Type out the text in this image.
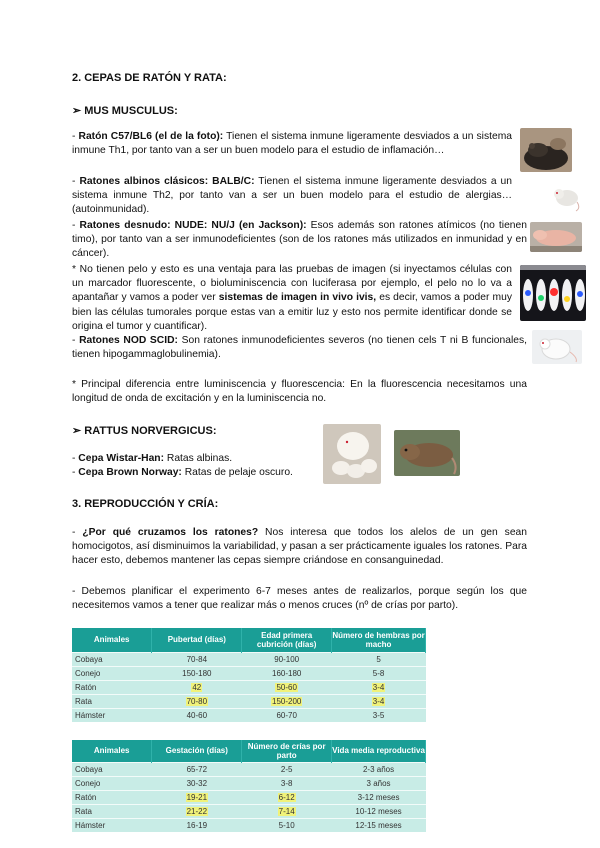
2. CEPAS DE RATÓN Y RATA:
➢ MUS MUSCULUS:
- Ratón C57/BL6 (el de la foto): Tienen el sistema inmune ligeramente desviados a un sistema inmune Th1, por tanto van a ser un buen modelo para el estudio de inflamación…
- Ratones albinos clásicos: BALB/C: Tienen el sistema inmune ligeramente desviados a un sistema inmune Th2, por tanto van a ser un buen modelo para el estudio de alergias… (autoinmunidad).
- Ratones desnudo: NUDE: NU/J (en Jackson): Esos además son ratones atímicos (no tienen timo), por tanto van a ser inmunodeficientes (son de los ratones más utilizados en inmunidad y en cáncer).
* No tienen pelo y esto es una ventaja para las pruebas de imagen (si inyectamos células con un marcador fluorescente, o bioluminiscencia con luciferasa por ejemplo, el pelo no lo va a apantañar y vamos a poder ver sistemas de imagen in vivo ivis, es decir, vamos a poder muy bien las células tumorales porque estas van a emitir luz y esto nos permite identificar donde se origina el tumor y cuantificar).
- Ratones NOD SCID: Son ratones inmunodeficientes severos (no tienen cels T ni B funcionales, tienen hipogammaglobulinemia).
* Principal diferencia entre luminiscencia y fluorescencia: En la fluorescencia necesitamos una longitud de onda de excitación y en la luminiscencia no.
➢ RATTUS NORVERGICUS:
- Cepa Wistar-Han: Ratas albinas.
- Cepa Brown Norway: Ratas de pelaje oscuro.
3. REPRODUCCIÓN Y CRÍA:
- ¿Por qué cruzamos los ratones? Nos interesa que todos los alelos de un gen sean homocigotos, así disminuimos la variabilidad, y pasan a ser prácticamente iguales los ratones. Para hacer esto, debemos mantener las cepas siempre criándose en consanguinedad.
- Debemos planificar el experimento 6-7 meses antes de realizarlos, porque según los que necesitemos vamos a tener que realizar más o menos cruces (nº de crías por parto).
Animales	Pubertad (días)	Edad primera cubrición (días)	Número de hembras por macho
Cobaya	70-84	90-100	5
Conejo	150-180	160-180	5-8
Ratón	42	50-60	3-4
Rata	70-80	150-200	3-4
Hámster	40-60	60-70	3-5
Animales	Gestación (días)	Número de crías por parto	Vida media reproductiva
Cobaya	65-72	2-5	2-3 años
Conejo	30-32	3-8	3 años
Ratón	19-21	6-12	3-12 meses
Rata	21-22	7-14	10-12 meses
Hámster	16-19	5-10	12-15 meses
